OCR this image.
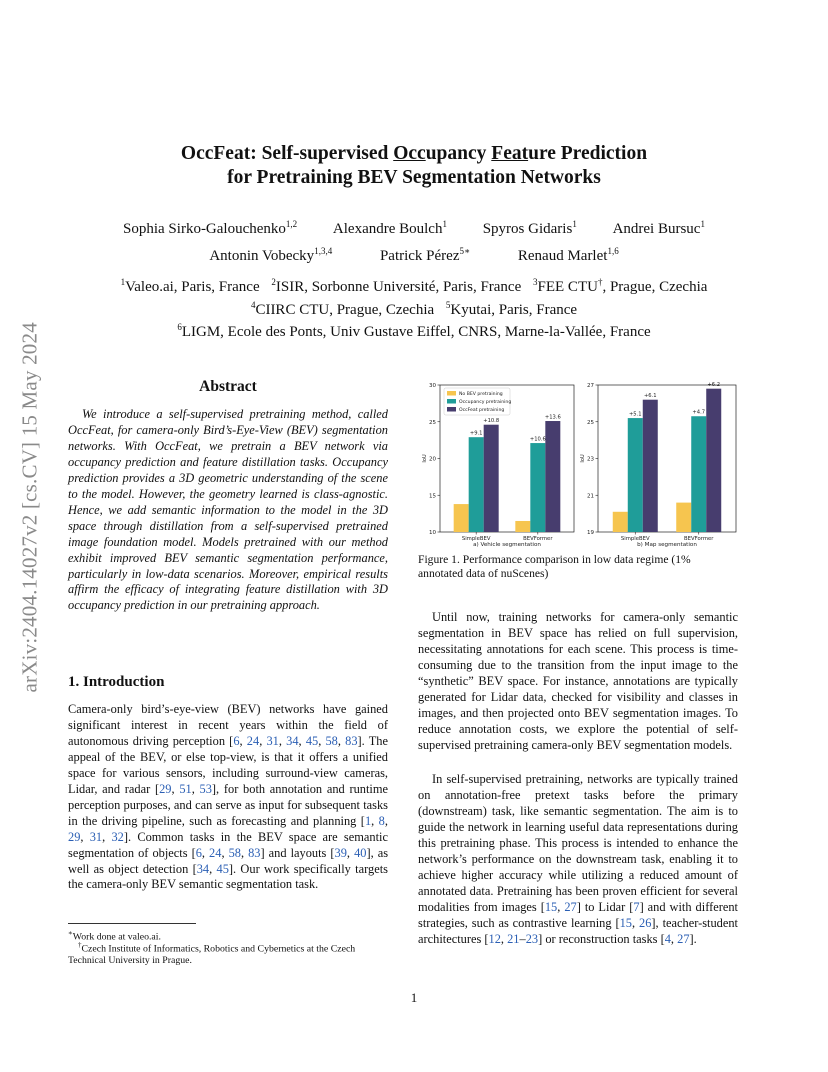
arXiv:2404.14027v2 [cs.CV] 15 May 2024
OccFeat: Self-supervised Occupancy Feature Prediction
for Pretraining BEV Segmentation Networks
Sophia Sirko-Galouchenko$^{1,2}$ Alexandre Boulch$^1$ Spyros Gidaris$^1$ Andrei Bursuc$^1$
Antonin Vobecky$^{1,3,4}$	Patrick Pérez$^{5∗}$	Renaud Marlet$^{1,6}$
$^1$Valeo.ai, Paris, France $^2$ISIR, Sorbonne Université, Paris, France $^3$FEE CTU†, Prague, Czechia
$^4$CIIRC CTU, Prague, Czechia $^5$Kyutai, Paris, France
$^6$LIGM, Ecole des Ponts, Univ Gustave Eiffel, CNRS, Marne-la-Vallée, France
Abstract

We introduce a self-supervised pretraining method, called OccFeat, for camera-only Bird’s-Eye-View (BEV) segmentation networks. With OccFeat, we pretrain a BEV network via occupancy prediction and feature distillation tasks. Occupancy prediction provides a 3D geometric understanding of the scene to the model. However, the geometry learned is class-agnostic. Hence, we add semantic information to the model in the 3D space through distillation from a self-supervised pretrained image foundation model. Models pretrained with our method exhibit improved BEV semantic segmentation performance, particularly in low-data scenarios. Moreover, empirical results affirm the efficacy of integrating feature distillation with 3D occupancy prediction in our pretraining approach.

1. Introduction

Camera-only bird’s-eye-view (BEV) networks have gained significant interest in recent years within the field of autonomous driving perception [6, 24, 31, 34, 45, 58, 83]. The appeal of the BEV, or else top-view, is that it offers a unified space for various sensors, including surround-view cameras, Lidar, and radar [29, 51, 53], for both annotation and runtime perception purposes, and can serve as input for subsequent tasks in the driving pipeline, such as forecasting and planning [1, 8, 29, 31, 32]. Common tasks in the BEV space are semantic segmentation of objects [6, 24, 58, 83] and layouts [39, 40], as well as object detection [34, 45]. Our work specifically targets the camera-only BEV semantic segmentation task.

∗Work done at valeo.ai.
†Czech Institute of Informatics, Robotics and Cybernetics at the Czech Technical University in Prague.
10
15
20
25
30
IoU
SimpleBEV	BEVFormer
+9.1
+10.8
+10.6
+13.6
a) Vehicle segmentation
No BEV pretraining
Occupancy pretraining
OccFeat pretraining
19
21
23
25
27
IoU
SimpleBEV	BEVFormer
+5.1
+6.1
+4.7
+6.2
b) Map segmentation

Figure 1. Performance comparison in low data regime (1% annotated data of nuScenes)

Until now, training networks for camera-only semantic segmentation in BEV space has relied on full supervision, necessitating annotations for each scene. This process is time-consuming due to the transition from the input image to the “synthetic” BEV space. For instance, annotations are typically generated for Lidar data, checked for visibility and classes in images, and then projected onto BEV segmentation images. To reduce annotation costs, we explore the potential of self-supervised pretraining camera-only BEV segmentation models.

In self-supervised pretraining, networks are typically trained on annotation-free pretext tasks before the primary (downstream) task, like semantic segmentation. The aim is to guide the network in learning useful data representations during this pretraining phase. This process is intended to enhance the network’s performance on the downstream task, enabling it to achieve higher accuracy while utilizing a reduced amount of annotated data. Pretraining has been proven efficient for several modalities from images [15, 27] to Lidar [7] and with different strategies, such as contrastive learning [15, 26], teacher-student architectures [12, 21–23] or reconstruction tasks [4, 27].

1
